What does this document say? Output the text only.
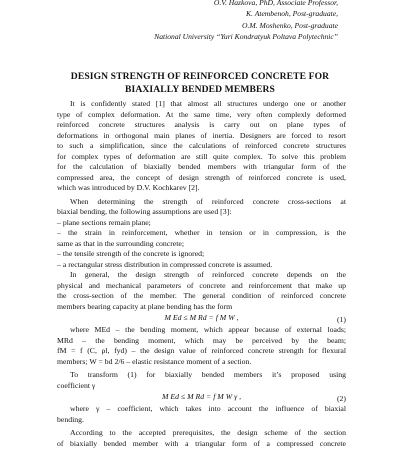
O.V. Hazkova, PhD, Associate Professor,
K. Atembenoh, Post-graduate,
O.M. Moshenko, Post-graduate
National University “Yuri Kondratyuk Poltava Polytechnic”
DESIGN STRENGTH OF REINFORCED CONCRETE FOR
BIAXIALLY BENDED MEMBERS
It is confidently stated [1] that almost all structures undergo one or another
type of complex deformation. At the same time, very often complexly deformed
reinforced concrete structures analysis is carry out on plane types of
deformations in orthogonal main planes of inertia. Designers are forced to resort
to such a simplification, since the calculations of reinforced concrete structures
for complex types of deformation are still quite complex. To solve this problem
for the calculation of biaxially bended members with triangular form of the
compressed area, the concept of design strength of reinforced concrete is used,
which was introduced by D.V. Kochkarev [2].
When determining the strength of reinforced concrete cross-sections at
biaxial bending, the following assumptions are used [3]:
– plane sections remain plane;
– the strain in reinforcement, whether in tension or in compression, is the
same as that in the surrounding concrete;
– the tensile strength of the concrete is ignored;
– a rectangular stress distribution in compressed concrete is assumed.
In general, the design strength of reinforced concrete depends on the
physical and mechanical parameters of concrete and reinforcement that make up
the cross-section of the member. The general condition of reinforced concrete
members bearing capacity at plane bending has the form
M Ed ≤ M Rd = f M W ,	(1)
where MEd – the bending moment, which appear because of external loads;
MRd – the bending moment, which may be perceived by the beam;
fM = f (C, ρl, fyd) – the design value of reinforced concrete strength for flexural
members; W = bd 2/6 – elastic resistance moment of a section.
To transform (1) for biaxially bended members it’s proposed using
coefficient γ
M Ed ≤ M Rd = f M W γ ,	(2)
where γ – coefficient, which takes into account the influence of biaxial
bending.
According to the accepted prerequisites, the design scheme of the section
of biaxially bended member with a triangular form of a compressed concrete
